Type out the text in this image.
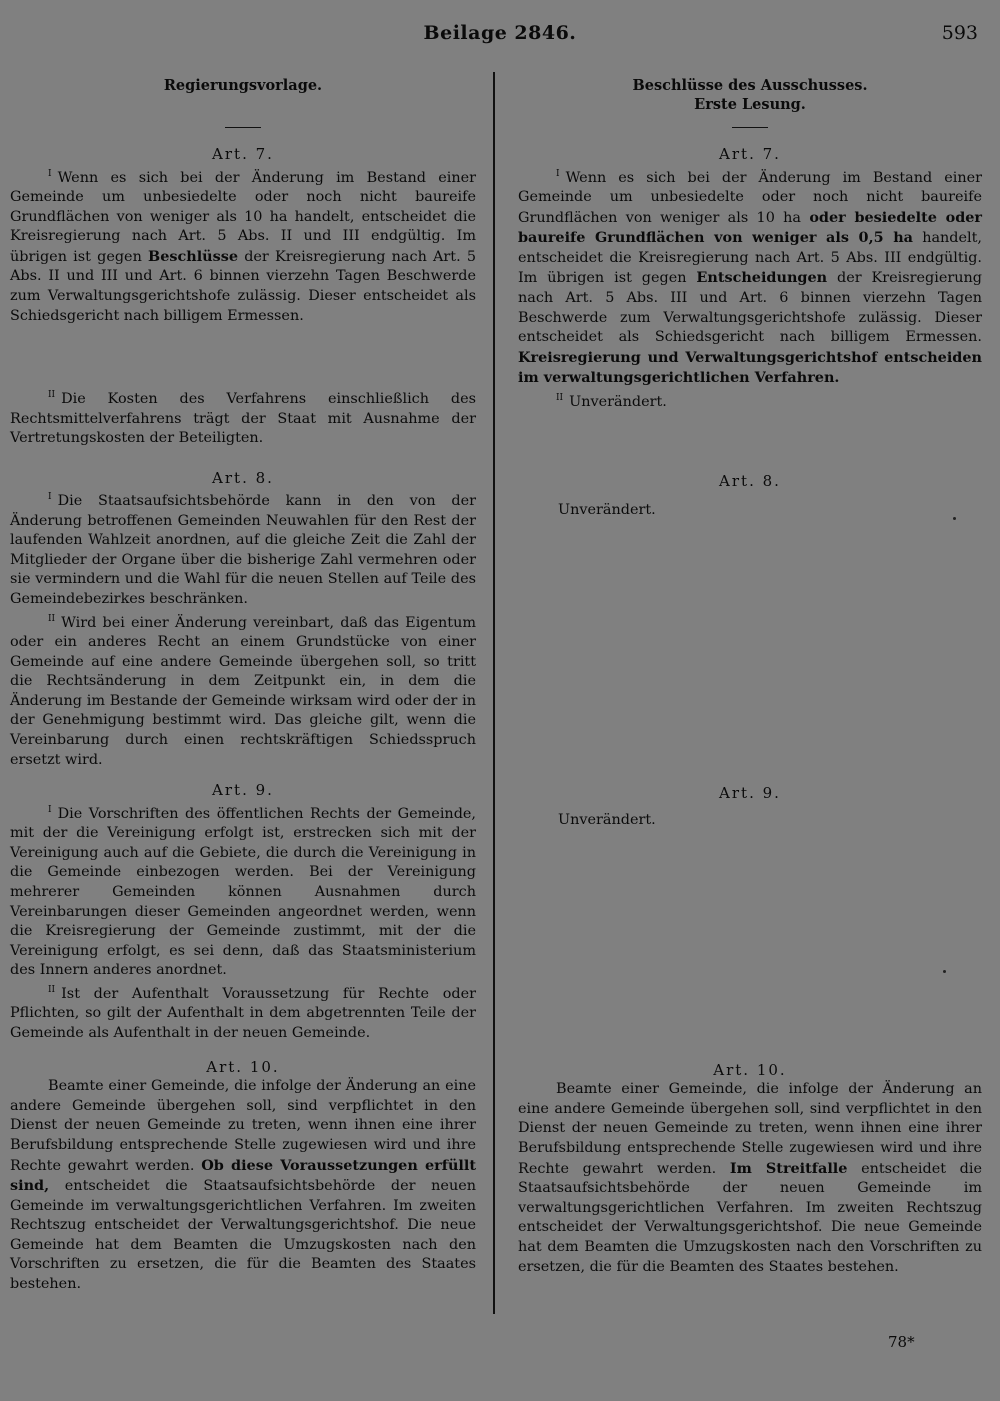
Beilage 2846.	593
Regierungsvorlage.
Art. 7.

$^I$ Wenn es sich bei der Änderung im Bestand einer Gemeinde um unbesiedelte oder noch nicht baureife Grundflächen von weniger als 10 ha handelt, entscheidet die Kreisregierung nach Art. 5 Abs. II und III endgültig. Im übrigen ist gegen Beschlüsse der Kreisregierung nach Art. 5 Abs. II und III und Art. 6 binnen vierzehn Tagen Beschwerde zum Verwaltungsgerichtshofe zulässig. Dieser entscheidet als Schiedsgericht nach billigem Ermessen.

$^{II}$ Die Kosten des Verfahrens einschließlich des Rechtsmittelverfahrens trägt der Staat mit Ausnahme der Vertretungskosten der Beteiligten.

Art. 8.

$^I$ Die Staatsaufsichtsbehörde kann in den von der Änderung betroffenen Gemeinden Neuwahlen für den Rest der laufenden Wahlzeit anordnen, auf die gleiche Zeit die Zahl der Mitglieder der Organe über die bisherige Zahl vermehren oder sie vermindern und die Wahl für die neuen Stellen auf Teile des Gemeindebezirkes beschränken.

$^{II}$ Wird bei einer Änderung vereinbart, daß das Eigentum oder ein anderes Recht an einem Grundstücke von einer Gemeinde auf eine andere Gemeinde übergehen soll, so tritt die Rechtsänderung in dem Zeitpunkt ein, in dem die Änderung im Bestande der Gemeinde wirksam wird oder der in der Genehmigung bestimmt wird. Das gleiche gilt, wenn die Vereinbarung durch einen rechtskräftigen Schiedsspruch ersetzt wird.

Art. 9.

$^I$ Die Vorschriften des öffentlichen Rechts der Gemeinde, mit der die Vereinigung erfolgt ist, erstrecken sich mit der Vereinigung auch auf die Gebiete, die durch die Vereinigung in die Gemeinde einbezogen werden. Bei der Vereinigung mehrerer Gemeinden können Ausnahmen durch Vereinbarungen dieser Gemeinden angeordnet werden, wenn die Kreisregierung der Gemeinde zustimmt, mit der die Vereinigung erfolgt, es sei denn, daß das Staatsministerium des Innern anderes anordnet.

$^{II}$ Ist der Aufenthalt Voraussetzung für Rechte oder Pflichten, so gilt der Aufenthalt in dem abgetrennten Teile der Gemeinde als Aufenthalt in der neuen Gemeinde.

Art. 10.

Beamte einer Gemeinde, die infolge der Änderung an eine andere Gemeinde übergehen soll, sind verpflichtet in den Dienst der neuen Gemeinde zu treten, wenn ihnen eine ihrer Berufsbildung entsprechende Stelle zugewiesen wird und ihre Rechte gewahrt werden. Ob diese Voraussetzungen erfüllt sind, entscheidet die Staatsaufsichtsbehörde der neuen Gemeinde im verwaltungsgerichtlichen Verfahren. Im zweiten Rechtszug entscheidet der Verwaltungsgerichtshof. Die neue Gemeinde hat dem Beamten die Umzugskosten nach den Vorschriften zu ersetzen, die für die Beamten des Staates bestehen.

Beschlüsse des Ausschusses.
Erste Lesung.
Art. 7.

$^I$ Wenn es sich bei der Änderung im Bestand einer Gemeinde um unbesiedelte oder noch nicht baureife Grundflächen von weniger als 10 ha oder besiedelte oder baureife Grundflächen von weniger als 0,5 ha handelt, entscheidet die Kreisregierung nach Art. 5 Abs. III endgültig. Im übrigen ist gegen Entscheidungen der Kreisregierung nach Art. 5 Abs. III und Art. 6 binnen vierzehn Tagen Beschwerde zum Verwaltungsgerichtshofe zulässig. Dieser entscheidet als Schiedsgericht nach billigem Ermessen. Kreisregierung und Verwaltungsgerichtshof entscheiden im verwaltungsgerichtlichen Verfahren.

$^{II}$ Unverändert.

Art. 8.

Unverändert.

Art. 9.

Unverändert.

Art. 10.

Beamte einer Gemeinde, die infolge der Änderung an eine andere Gemeinde übergehen soll, sind verpflichtet in den Dienst der neuen Gemeinde zu treten, wenn ihnen eine ihrer Berufsbildung entsprechende Stelle zugewiesen wird und ihre Rechte gewahrt werden. Im Streitfalle entscheidet die Staatsaufsichtsbehörde der neuen Gemeinde im verwaltungsgerichtlichen Verfahren. Im zweiten Rechtszug entscheidet der Verwaltungsgerichtshof. Die neue Gemeinde hat dem Beamten die Umzugskosten nach den Vorschriften zu ersetzen, die für die Beamten des Staates bestehen.

78*
